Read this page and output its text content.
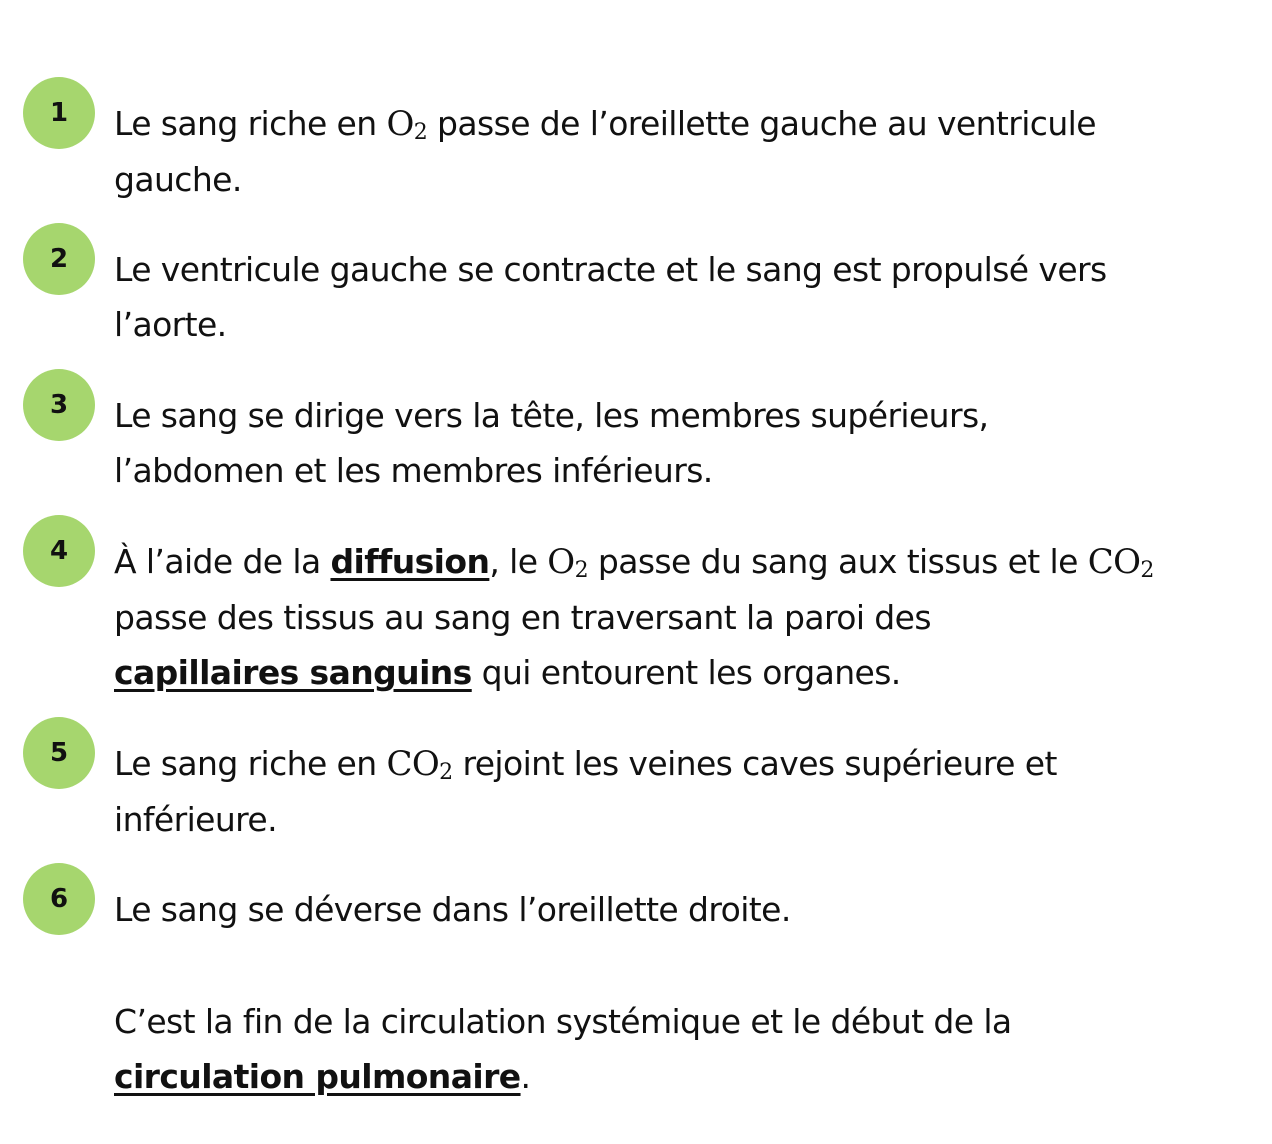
1	Le sang riche en $O_2$ passe de l’oreillette gauche au ventricule
gauche.
2	Le ventricule gauche se contracte et le sang est propulsé vers
l’aorte.
3	Le sang se dirige vers la tête, les membres supérieurs,
l’abdomen et les membres inférieurs.
4	À l’aide de la diffusion, le $O_2$ passe du sang aux tissus et le $CO_2$
passe des tissus au sang en traversant la paroi des
capillaires sanguins qui entourent les organes.
5	Le sang riche en $CO_2$ rejoint les veines caves supérieure et
inférieure.
6	Le sang se déverse dans l’oreillette droite.
C’est la fin de la circulation systémique et le début de la
circulation pulmonaire.
